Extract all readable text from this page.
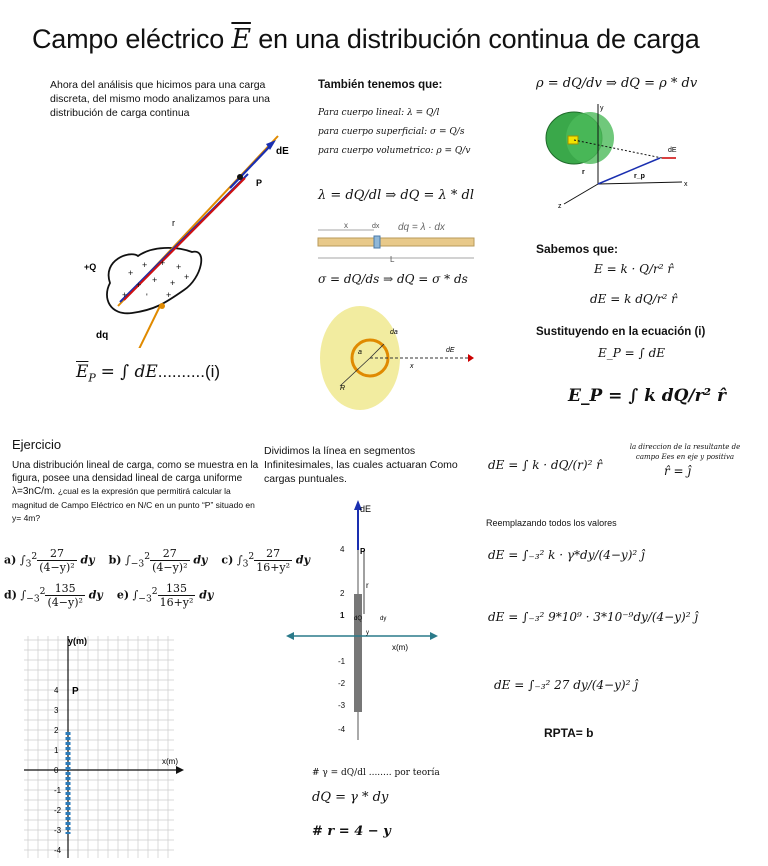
Campo eléctrico $\overline{E}$ en una distribución continua de carga
Ahora del análisis que hicimos para una carga discreta, del mismo modo analizamos para una distribución de carga continua
+
+ + +
+ + +
+
'
+	+
dE
P
r
+Q
dq
$\overline{E}_P$ = ∫ dE..........(i)
También tenemos que:
Para cuerpo lineal: λ = Q/l
para cuerpo superficial: σ = Q/s
para cuerpo volumetrico: ρ = Q/v
λ = dQ/dl ⇒ dQ = λ * dl
x	dx
L
dq = λ · dx
σ = dQ/ds ⇒ dQ = σ * ds
da
a
R
x
dE
ρ = dQ/dv ⇒ dQ = ρ * dv
y
x
z
r
r_p
dE
Sabemos que:
E = k · Q/r² r̂
dE = k dQ/r² r̂
Sustituyendo en la ecuación (i)
E_P = ∫ dE
E_P = ∫ k dQ/r² r̂
Ejercicio
Una distribución lineal de carga, como se muestra en la figura, posee una densidad lineal de carga uniforme λ=3nC/m. ¿cual es la expresión que permitirá calcular la magnitud de Campo Eléctrico en N/C en un punto “P” situado en y= 4m?
a) $\int_3^2 \frac{27}{\text{(4−y)²}}$ dy b) $\int_{-3}^2 \frac{27}{\text{(4−y)²}}$ dy c) $\int_3^2 \frac{27}{\text{16+y²}}$ dy
d) $\int_{-3}^2 \frac{135}{\text{(4−y)²}}$ dy e) $\int_{-3}^2 \frac{135}{\text{16+y²}}$ dy
y(m)
x(m)
P
4
3
2
1
0
-1
-2
-3
-4
Dividimos la línea en segmentos Infinitesimales, las cuales actuaran Como cargas puntuales.
dE
P
r
dy
dQ
y
x(m)
4
2
1
-1
-2
-3
-4
# γ = dQ/dl ........ por teoría
dQ = γ * dy
# r = 4 − y
dE = ∫ k · dQ/(r)² r̂
la direccion de la resultante de campo Ees en eje y positiva
r̂ = ĵ
Reemplazando todos los valores
dE = ∫₋₃² k · γ*dy/(4−y)² ĵ
dE = ∫₋₃² 9*10⁹ · 3*10⁻⁹dy/(4−y)² ĵ
dE = ∫₋₃² 27 dy/(4−y)² ĵ
RPTA= b
